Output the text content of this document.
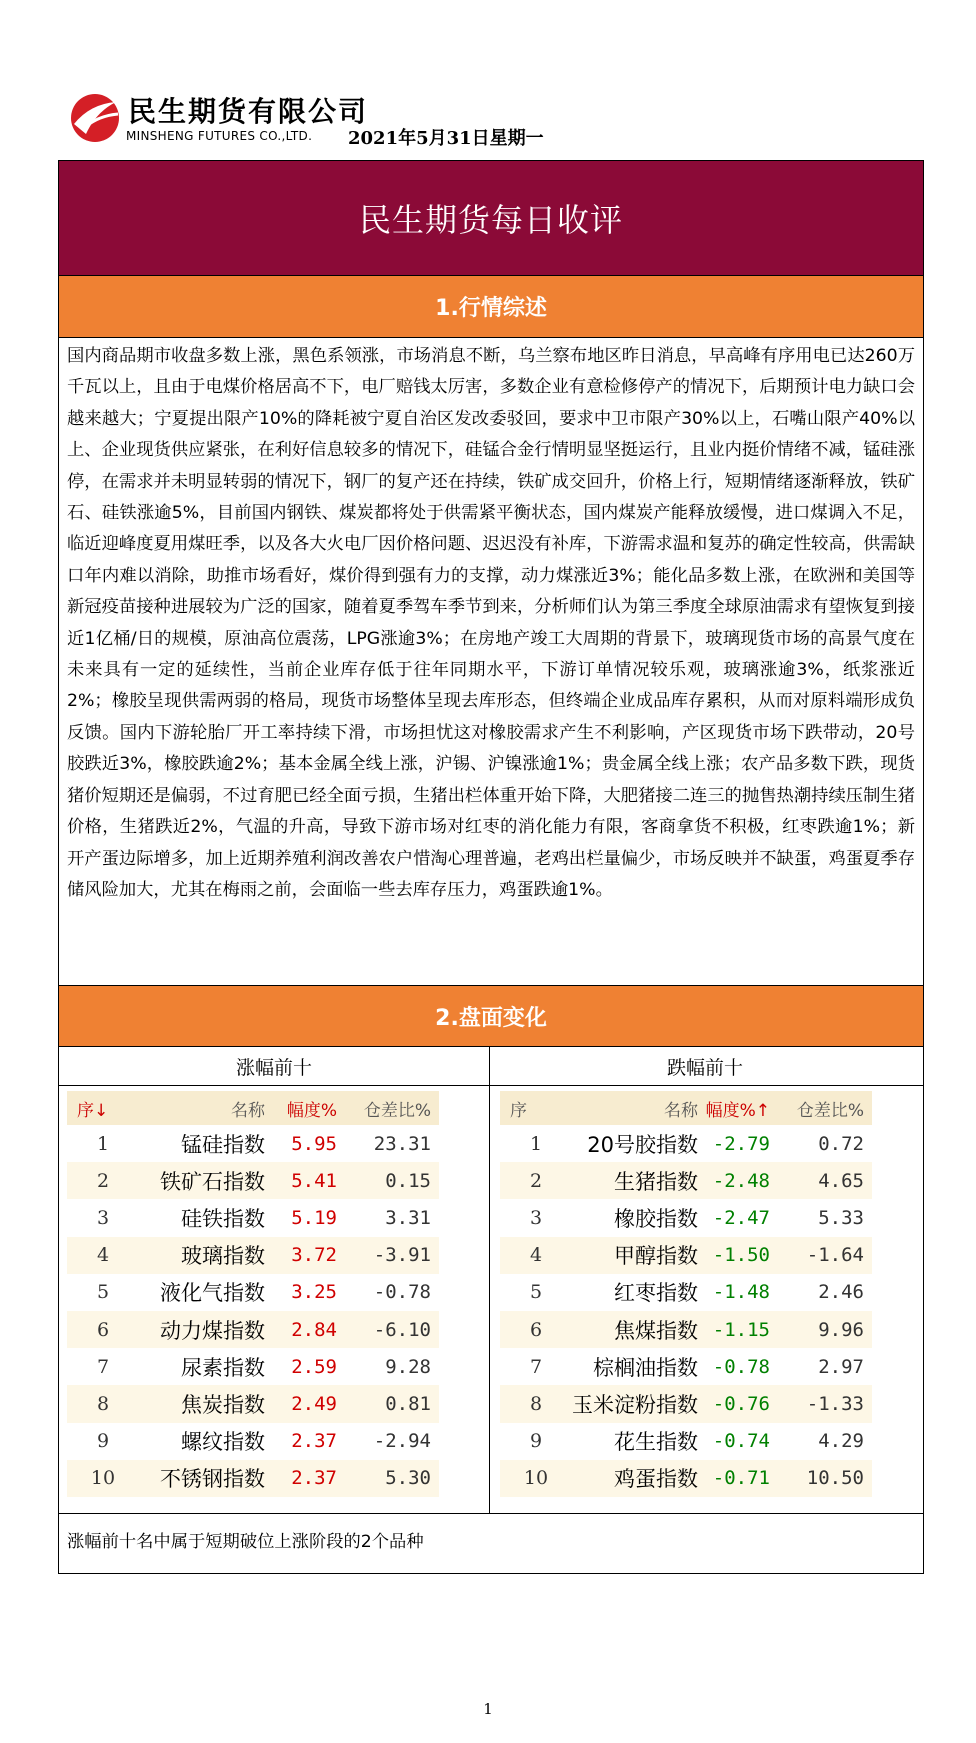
民生期货有限公司
MINSHENG FUTURES CO.,LTD. 2021年5月31日星期一
民生期货每日收评
1.行情综述
国内商品期市收盘多数上涨，黑色系领涨，市场消息不断，乌兰察布地区昨日消息，早高峰有序用电已达260万千瓦以上，且由于电煤价格居高不下，电厂赔钱太厉害，多数企业有意检修停产的情况下，后期预计电力缺口会越来越大；宁夏提出限产10%的降耗被宁夏自治区发改委驳回，要求中卫市限产30%以上，石嘴山限产40%以上、企业现货供应紧张，在利好信息较多的情况下，硅锰合金行情明显坚挺运行，且业内挺价情绪不减，锰硅涨停，在需求并未明显转弱的情况下，钢厂的复产还在持续，铁矿成交回升，价格上行，短期情绪逐渐释放，铁矿石、硅铁涨逾5%，目前国内钢铁、煤炭都将处于供需紧平衡状态，国内煤炭产能释放缓慢，进口煤调入不足，临近迎峰度夏用煤旺季，以及各大火电厂因价格问题、迟迟没有补库，下游需求温和复苏的确定性较高，供需缺口年内难以消除，助推市场看好，煤价得到强有力的支撑，动力煤涨近3%；能化品多数上涨，在欧洲和美国等新冠疫苗接种进展较为广泛的国家，随着夏季驾车季节到来，分析师们认为第三季度全球原油需求有望恢复到接近1亿桶/日的规模，原油高位震荡，LPG涨逾3%；在房地产竣工大周期的背景下，玻璃现货市场的高景气度在未来具有一定的延续性，当前企业库存低于往年同期水平，下游订单情况较乐观，玻璃涨逾3%，纸浆涨近2%；橡胶呈现供需两弱的格局，现货市场整体呈现去库形态，但终端企业成品库存累积，从而对原料端形成负反馈。国内下游轮胎厂开工率持续下滑，市场担忧这对橡胶需求产生不利影响，产区现货市场下跌带动，20号胶跌近3%，橡胶跌逾2%；基本金属全线上涨，沪锡、沪镍涨逾1%；贵金属全线上涨；农产品多数下跌，现货猪价短期还是偏弱，不过育肥已经全面亏损，生猪出栏体重开始下降，大肥猪接二连三的抛售热潮持续压制生猪价格，生猪跌近2%，气温的升高，导致下游市场对红枣的消化能力有限，客商拿货不积极，红枣跌逾1%；新开产蛋边际增多，加上近期养殖利润改善农户惜淘心理普遍，老鸡出栏量偏少，市场反映并不缺蛋，鸡蛋夏季存储风险加大，尤其在梅雨之前，会面临一些去库存压力，鸡蛋跌逾1%。
2.盘面变化
涨幅前十	跌幅前十
序↓	名称	幅度%	仓差比%
1	锰硅指数	5.95	23.31
2	铁矿石指数	5.41	0.15
3	硅铁指数	5.19	3.31
4	玻璃指数	3.72	-3.91
5	液化气指数	3.25	-0.78
6	动力煤指数	2.84	-6.10
7	尿素指数	2.59	9.28
8	焦炭指数	2.49	0.81
9	螺纹指数	2.37	-2.94
10	不锈钢指数	2.37	5.30
序	名称 幅度%↑	仓差比%
1	20号胶指数 -2.79	0.72
2	生猪指数 -2.48	4.65
3	橡胶指数 -2.47	5.33
4	甲醇指数 -1.50	-1.64
5	红枣指数 -1.48	2.46
6	焦煤指数 -1.15	9.96
7	棕榈油指数 -0.78	2.97
8	玉米淀粉指数 -0.76	-1.33
9	花生指数 -0.74	4.29
10	鸡蛋指数 -0.71	10.50
涨幅前十名中属于短期破位上涨阶段的2个品种
1
